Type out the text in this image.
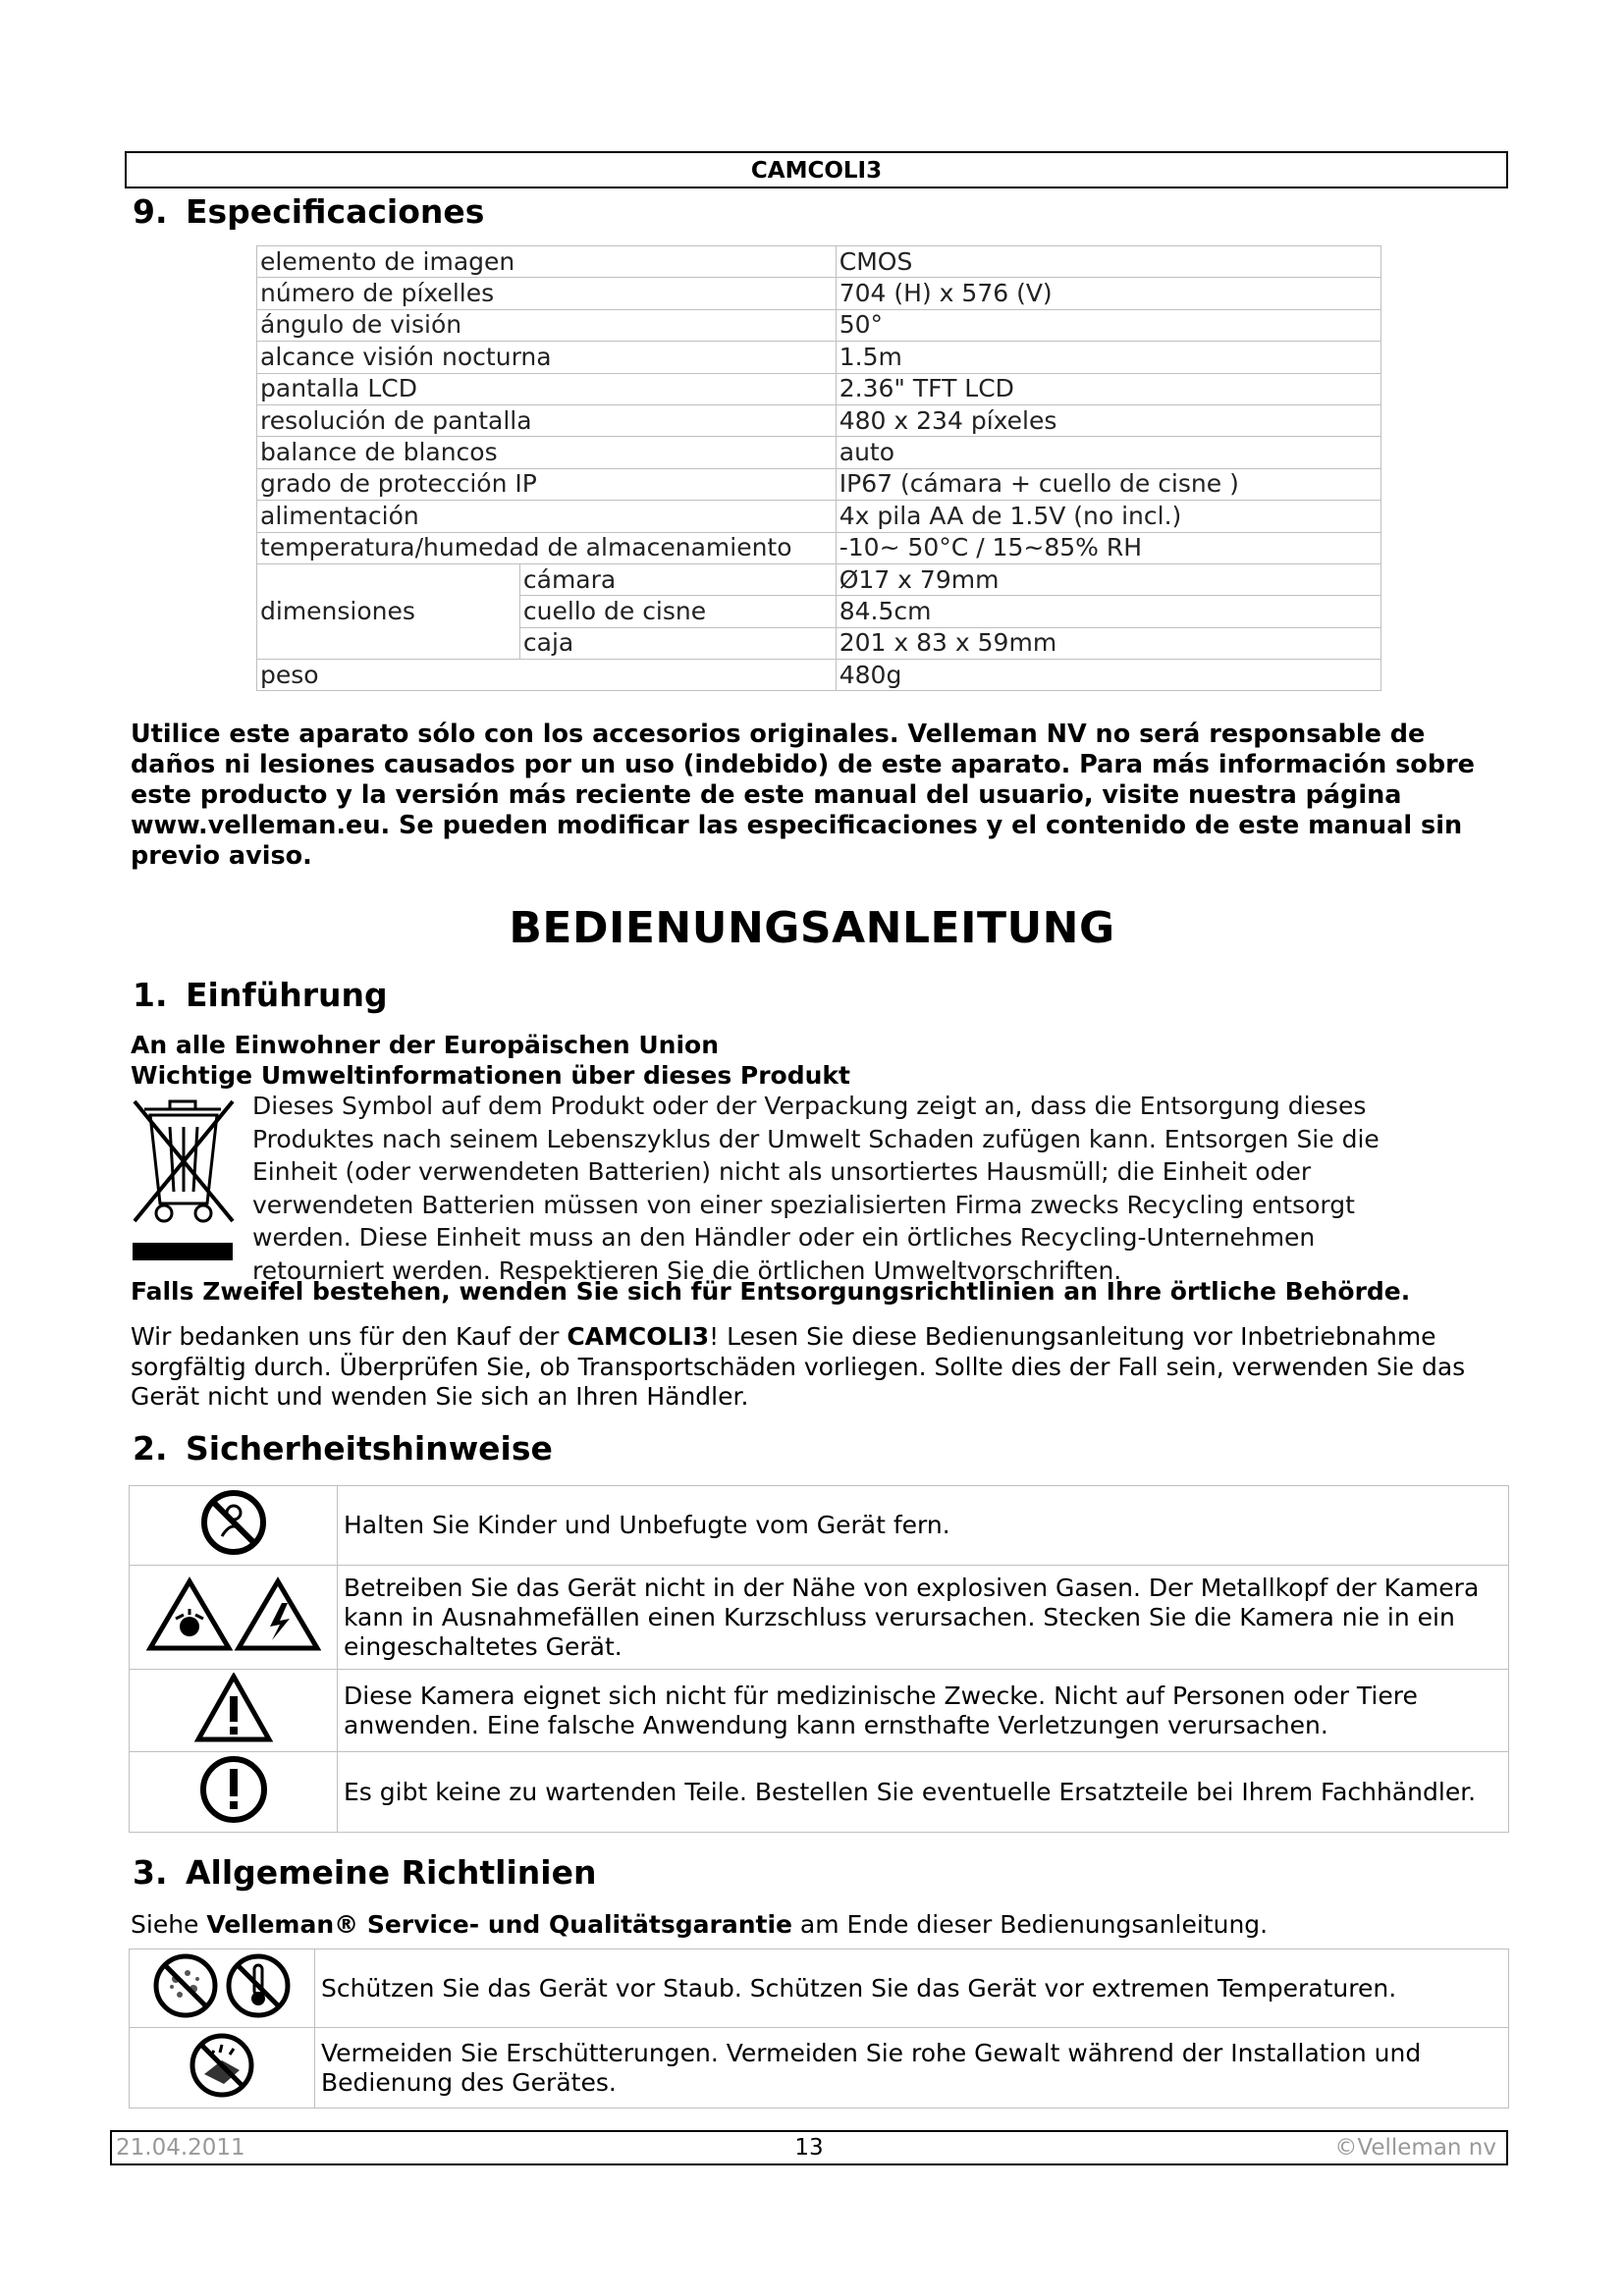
CAMCOLI3
9. Especificaciones
elemento de imagen		CMOS
número de píxelles		704 (H) x 576 (V)
ángulo de visión		50°
alcance visión nocturna		1.5m
pantalla LCD		2.36" TFT LCD
resolución de pantalla		480 x 234 píxeles
balance de blancos		auto
grado de protección IP		IP67 (cámara + cuello de cisne )
alimentación		4x pila AA de 1.5V (no incl.)
temperatura/humedad de almacenamiento		-10~ 50°C / 15~85% RH
dimensiones	cámara	Ø17 x 79mm
	cuello de cisne	84.5cm
	caja	201 x 83 x 59mm
peso		480g
Utilice este aparato sólo con los accesorios originales. Velleman NV no será responsable de daños ni lesiones causados por un uso (indebido) de este aparato. Para más información sobre este producto y la versión más reciente de este manual del usuario, visite nuestra página www.velleman.eu. Se pueden modificar las especificaciones y el contenido de este manual sin previo aviso.
BEDIENUNGSANLEITUNG
1. Einführung
An alle Einwohner der Europäischen Union
Wichtige Umweltinformationen über dieses Produkt
Dieses Symbol auf dem Produkt oder der Verpackung zeigt an, dass die Entsorgung dieses Produktes nach seinem Lebenszyklus der Umwelt Schaden zufügen kann. Entsorgen Sie die Einheit (oder verwendeten Batterien) nicht als unsortiertes Hausmüll; die Einheit oder verwendeten Batterien müssen von einer spezialisierten Firma zwecks Recycling entsorgt werden. Diese Einheit muss an den Händler oder ein örtliches Recycling-Unternehmen retourniert werden. Respektieren Sie die örtlichen Umweltvorschriften.
Falls Zweifel bestehen, wenden Sie sich für Entsorgungsrichtlinien an Ihre örtliche Behörde.
Wir bedanken uns für den Kauf der CAMCOLI3! Lesen Sie diese Bedienungsanleitung vor Inbetriebnahme sorgfältig durch. Überprüfen Sie, ob Transportschäden vorliegen. Sollte dies der Fall sein, verwenden Sie das Gerät nicht und wenden Sie sich an Ihren Händler.
2. Sicherheitshinweise
	Halten Sie Kinder und Unbefugte vom Gerät fern.
	Betreiben Sie das Gerät nicht in der Nähe von explosiven Gasen. Der Metallkopf der Kamera kann in Ausnahmefällen einen Kurzschluss verursachen. Stecken Sie die Kamera nie in ein eingeschaltetes Gerät.
	Diese Kamera eignet sich nicht für medizinische Zwecke. Nicht auf Personen oder Tiere anwenden. Eine falsche Anwendung kann ernsthafte Verletzungen verursachen.
	Es gibt keine zu wartenden Teile. Bestellen Sie eventuelle Ersatzteile bei Ihrem Fachhändler.
3. Allgemeine Richtlinien
Siehe Velleman® Service- und Qualitätsgarantie am Ende dieser Bedienungsanleitung.
	Schützen Sie das Gerät vor Staub. Schützen Sie das Gerät vor extremen Temperaturen.
	Vermeiden Sie Erschütterungen. Vermeiden Sie rohe Gewalt während der Installation und Bedienung des Gerätes.
21.04.2011	13	©Velleman nv
